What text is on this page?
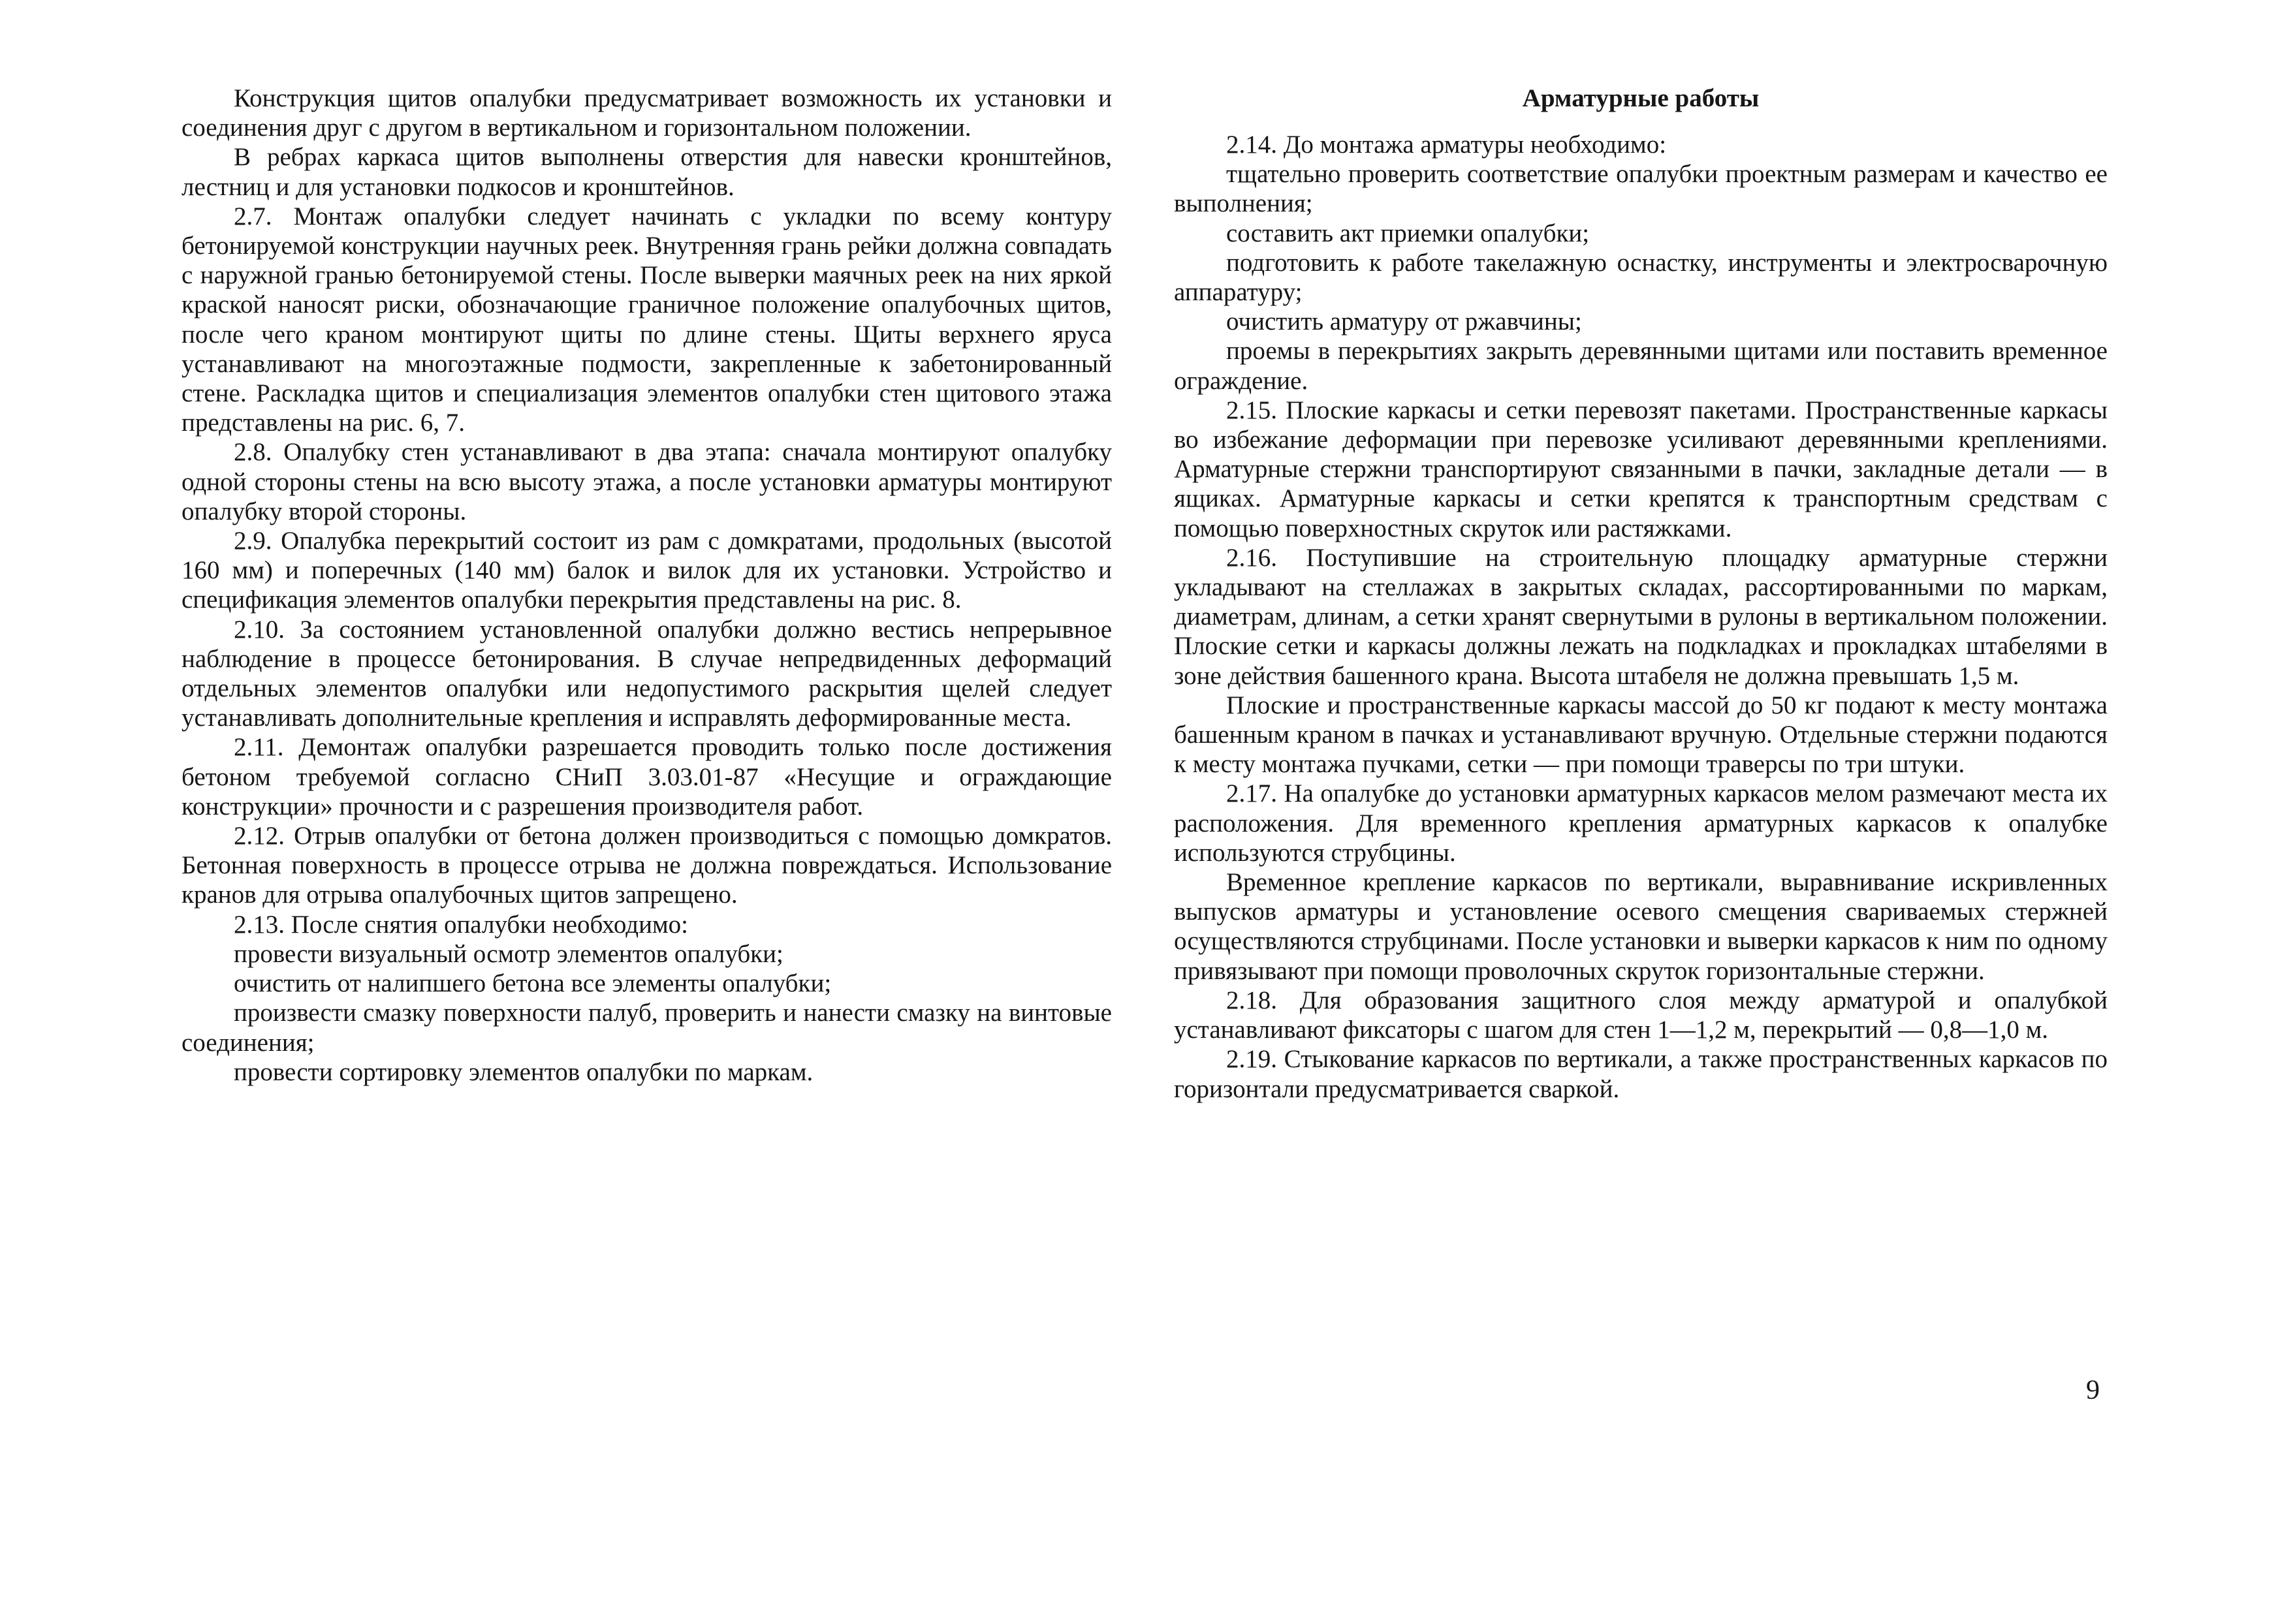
Конструкция щитов опалубки предусматривает возможность их установки и соединения друг с другом в вертикальном и горизонтальном положении.

В ребрах каркаса щитов выполнены отверстия для навески кронштейнов, лестниц и для установки подкосов и кронштейнов.

2.7. Монтаж опалубки следует начинать с укладки по всему контуру бетонируемой конструкции научных реек. Внутренняя грань рейки должна совпадать с наружной гранью бетонируемой стены. После выверки маячных реек на них яркой краской наносят риски, обозначающие граничное положение опалубочных щитов, после чего краном монтируют щиты по длине стены. Щиты верхнего яруса устанавливают на многоэтажные подмости, закрепленные к забетонированный стене. Раскладка щитов и специализация элементов опалубки стен щитового этажа представлены на рис. 6, 7.

2.8. Опалубку стен устанавливают в два этапа: сначала монтируют опалубку одной стороны стены на всю высоту этажа, а после установки арматуры монтируют опалубку второй стороны.

2.9. Опалубка перекрытий состоит из рам с домкратами, продольных (высотой 160 мм) и поперечных (140 мм) балок и вилок для их установки. Устройство и спецификация элементов опалубки перекрытия представлены на рис. 8.

2.10. За состоянием установленной опалубки должно вестись непрерывное наблюдение в процессе бетонирования. В случае непредвиденных деформаций отдельных элементов опалубки или недопустимого раскрытия щелей следует устанавливать дополнительные крепления и исправлять деформированные места.

2.11. Демонтаж опалубки разрешается проводить только после достижения бетоном требуемой согласно СНиП 3.03.01-87 «Несущие и ограждающие конструкции» прочности и с разрешения производителя работ.

2.12. Отрыв опалубки от бетона должен производиться с помощью домкратов. Бетонная поверхность в процессе отрыва не должна повреждаться. Использование кранов для отрыва опалубочных щитов запрещено.

2.13. После снятия опалубки необходимо:

провести визуальный осмотр элементов опалубки;

очистить от налипшего бетона все элементы опалубки;

произвести смазку поверхности палуб, проверить и нанести смазку на винтовые соединения;

провести сортировку элементов опалубки по маркам.

Арматурные работы

2.14. До монтажа арматуры необходимо:

тщательно проверить соответствие опалубки проектным размерам и качество ее выполнения;

составить акт приемки опалубки;

подготовить к работе такелажную оснастку, инструменты и электросварочную аппаратуру;

очистить арматуру от ржавчины;

проемы в перекрытиях закрыть деревянными щитами или поставить временное ограждение.

2.15. Плоские каркасы и сетки перевозят пакетами. Пространственные каркасы во избежание деформации при перевозке усиливают деревянными креплениями. Арматурные стержни транспортируют связанными в пачки, закладные детали — в ящиках. Арматурные каркасы и сетки крепятся к транспортным средствам с помощью поверхностных скруток или растяжками.

2.16. Поступившие на строительную площадку арматурные стержни укладывают на стеллажах в закрытых складах, рассортированными по маркам, диаметрам, длинам, а сетки хранят свернутыми в рулоны в вертикальном положении. Плоские сетки и каркасы должны лежать на подкладках и прокладках штабелями в зоне действия башенного крана. Высота штабеля не должна превышать 1,5 м.

Плоские и пространственные каркасы массой до 50 кг подают к месту монтажа башенным краном в пачках и устанавливают вручную. Отдельные стержни подаются к месту монтажа пучками, сетки — при помощи траверсы по три штуки.

2.17. На опалубке до установки арматурных каркасов мелом размечают места их расположения. Для временного крепления арматурных каркасов к опалубке используются струбцины.

Временное крепление каркасов по вертикали, выравнивание искривленных выпусков арматуры и установление осевого смещения свариваемых стержней осуществляются струбцинами. После установки и выверки каркасов к ним по одному привязывают при помощи проволочных скруток горизонтальные стержни.

2.18. Для образования защитного слоя между арматурой и опалубкой устанавливают фиксаторы с шагом для стен 1—1,2 м, перекрытий — 0,8—1,0 м.

2.19. Стыкование каркасов по вертикали, а также пространственных каркасов по горизонтали предусматривается сваркой.

9
